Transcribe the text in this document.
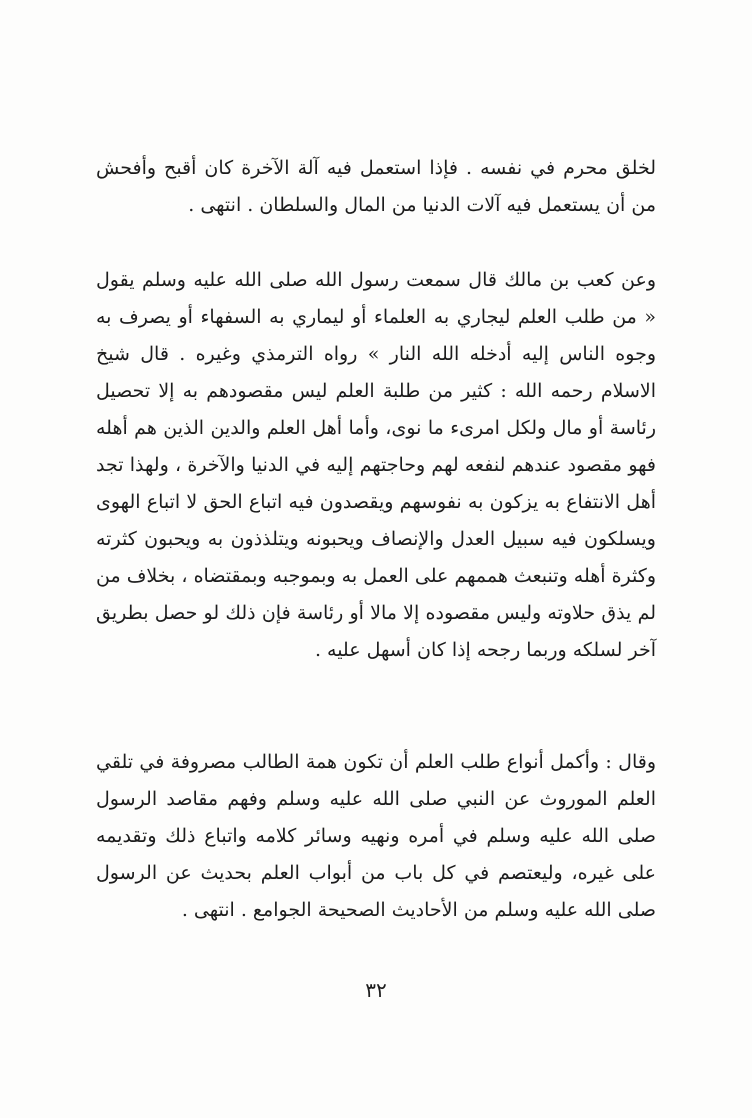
لخلق محرم في نفسه . فإذا استعمل فيه آلة الآخرة كان أقبح وأفحش من أن يستعمل فيه آلات الدنيا من المال والسلطان . انتهى .

وعن كعب بن مالك قال سمعت رسول الله صلى الله عليه وسلم يقول « من طلب العلم ليجاري به العلماء أو ليماري به السفهاء أو يصرف به وجوه الناس إليه أدخله الله النار » رواه الترمذي وغيره . قال شيخ الاسلام رحمه الله : كثير من طلبة العلم ليس مقصودهم به إلا تحصيل رئاسة أو مال ولكل امرىء ما نوى، وأما أهل العلم والدين الذين هم أهله فهو مقصود عندهم لنفعه لهم وحاجتهم إليه في الدنيا والآخرة ، ولهذا تجد أهل الانتفاع به يزكون به نفوسهم ويقصدون فيه اتباع الحق لا اتباع الهوى ويسلكون فيه سبيل العدل والإنصاف ويحبونه ويتلذذون به ويحبون كثرته وكثرة أهله وتنبعث هممهم على العمل به وبموجبه وبمقتضاه ، بخلاف من لم يذق حلاوته وليس مقصوده إلا مالا أو رئاسة فإن ذلك لو حصل بطريق آخر لسلكه وربما رجحه إذا كان أسهل عليه .

وقال : وأكمل أنواع طلب العلم أن تكون همة الطالب مصروفة في تلقي العلم الموروث عن النبي صلى الله عليه وسلم وفهم مقاصد الرسول صلى الله عليه وسلم في أمره ونهيه وسائر كلامه واتباع ذلك وتقديمه على غيره، وليعتصم في كل باب من أبواب العلم بحديث عن الرسول صلى الله عليه وسلم من الأحاديث الصحيحة الجوامع . انتهى .

٣٢
